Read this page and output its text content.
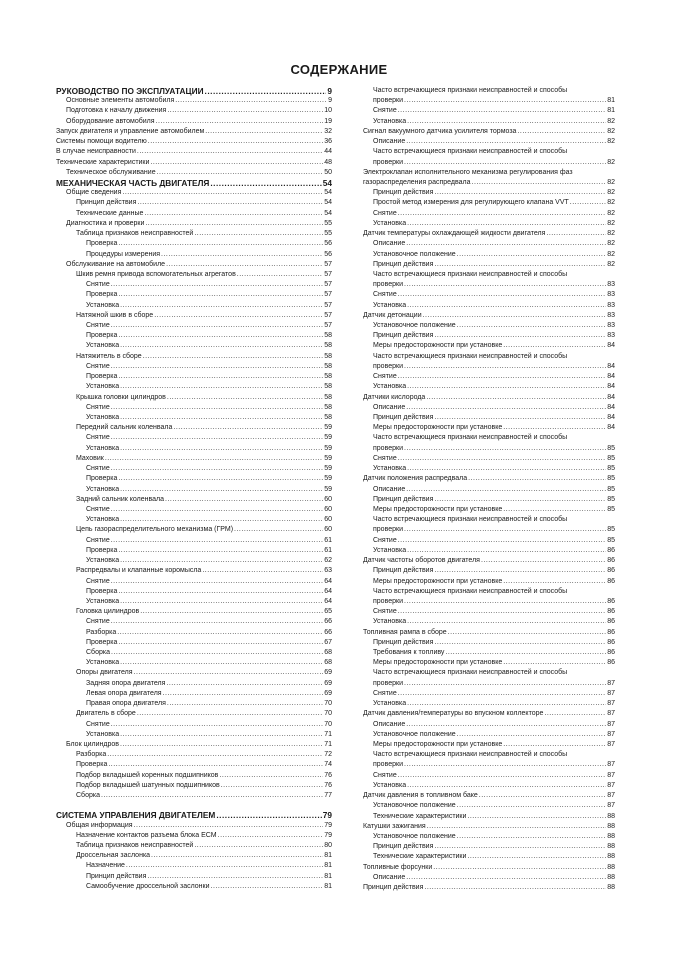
СОДЕРЖАНИЕ
РУКОВОДСТВО ПО ЭКСПЛУАТАЦИИ .....	9
Основные элементы автомобиля .....	9
Подготовка к началу движения .....	10
Оборудование автомобиля .....	19
Запуск двигателя и управление автомобилем .....	32
Системы помощи водителю .....	36
В случае неисправности .....	44
Технические характеристики .....	48
Техническое обслуживание .....	50
МЕХАНИЧЕСКАЯ ЧАСТЬ ДВИГАТЕЛЯ .....	54
Общие сведения .....	54
Принцип действия .....	54
Технические данные .....	54
Диагностика и проверки .....	55
Таблица признаков неисправностей .....	55
Проверка .....	56
Процедуры измерения .....	56
Обслуживание на автомобиле .....	57
Шкив ремня привода вспомогательных агрегатов .....	57
Снятие .....	57
Проверка .....	57
Установка .....	57
Натяжной шкив в сборе .....	57
Снятие .....	57
Проверка .....	58
Установка .....	58
Натяжитель в сборе .....	58
Снятие .....	58
Проверка .....	58
Установка .....	58
Крышка головки цилиндров .....	58
Снятие .....	58
Установка .....	58
Передний сальник коленвала .....	59
Снятие .....	59
Установка .....	59
Маховик .....	59
Снятие .....	59
Проверка .....	59
Установка .....	59
Задний сальник коленвала .....	60
Снятие .....	60
Установка .....	60
Цепь газораспределительного механизма (ГРМ) .....	60
Снятие .....	61
Проверка .....	61
Установка .....	62
Распредвалы и клапанные коромысла .....	63
Снятие .....	64
Проверка .....	64
Установка .....	64
Головка цилиндров .....	65
Снятие .....	66
Разборка .....	66
Проверка .....	67
Сборка .....	68
Установка .....	68
Опоры двигателя .....	69
Задняя опора двигателя .....	69
Левая опора двигателя .....	69
Правая опора двигателя .....	70
Двигатель в сборе .....	70
Снятие .....	70
Установка .....	71
Блок цилиндров .....	71
Разборка .....	72
Проверка .....	74
Подбор вкладышей коренных подшипников .....	76
Подбор вкладышей шатунных подшипников .....	76
Сборка .....	77
СИСТЕМА УПРАВЛЕНИЯ ДВИГАТЕЛЕМ .....	79
Общая информация .....	79
Назначение контактов разъема блока ECM .....	79
Таблица признаков неисправностей .....	80
Дроссельная заслонка .....	81
Назначение .....	81
Принцип действия .....	81
Самообучение дроссельной заслонки .....	81
Часто встречающиеся признаки неисправностей и способы
проверки .....	81
Снятие .....	81
Установка .....	82
Сигнал вакуумного датчика усилителя тормоза .....	82
Описание .....	82
Часто встречающиеся признаки неисправностей и способы
проверки .....	82
Электроклапан исполнительного механизма регулирования фаз
газораспределения распредвала .....	82
Принцип действия .....	82
Простой метод измерения для регулирующего клапана VVT .....	82
Снятие .....	82
Установка .....	82
Датчик температуры охлаждающей жидкости двигателя .....	82
Описание .....	82
Установочное положение .....	82
Принцип действия .....	82
Часто встречающиеся признаки неисправностей и способы
проверки .....	83
Снятие .....	83
Установка .....	83
Датчик детонации .....	83
Установочное положение .....	83
Принцип действия .....	83
Меры предосторожности при установке .....	84
Часто встречающиеся признаки неисправностей и способы
проверки .....	84
Снятие .....	84
Установка .....	84
Датчики кислорода .....	84
Описание .....	84
Принцип действия .....	84
Меры предосторожности при установке .....	84
Часто встречающиеся признаки неисправностей и способы
проверки .....	85
Снятие .....	85
Установка .....	85
Датчик положения распредвала .....	85
Описание .....	85
Принцип действия .....	85
Меры предосторожности при установке .....	85
Часто встречающиеся признаки неисправностей и способы
проверки .....	85
Снятие .....	85
Установка .....	86
Датчик частоты оборотов двигателя .....	86
Принцип действия .....	86
Меры предосторожности при установке .....	86
Часто встречающиеся признаки неисправностей и способы
проверки .....	86
Снятие .....	86
Установка .....	86
Топливная рампа в сборе .....	86
Принцип действия .....	86
Требования к топливу .....	86
Меры предосторожности при установке .....	86
Часто встречающиеся признаки неисправностей и способы
проверки .....	87
Снятие .....	87
Установка .....	87
Датчик давления/температуры во впускном коллекторе .....	87
Описание .....	87
Установочное положение .....	87
Меры предосторожности при установке .....	87
Часто встречающиеся признаки неисправностей и способы
проверки .....	87
Снятие .....	87
Установка .....	87
Датчик давления в топливном баке .....	87
Установочное положение .....	87
Технические характеристики .....	88
Катушки зажигания .....	88
Установочное положение .....	88
Принцип действия .....	88
Технические характеристики .....	88
Топливные форсунки .....	88
Описание .....	88
Принцип действия .....	88
